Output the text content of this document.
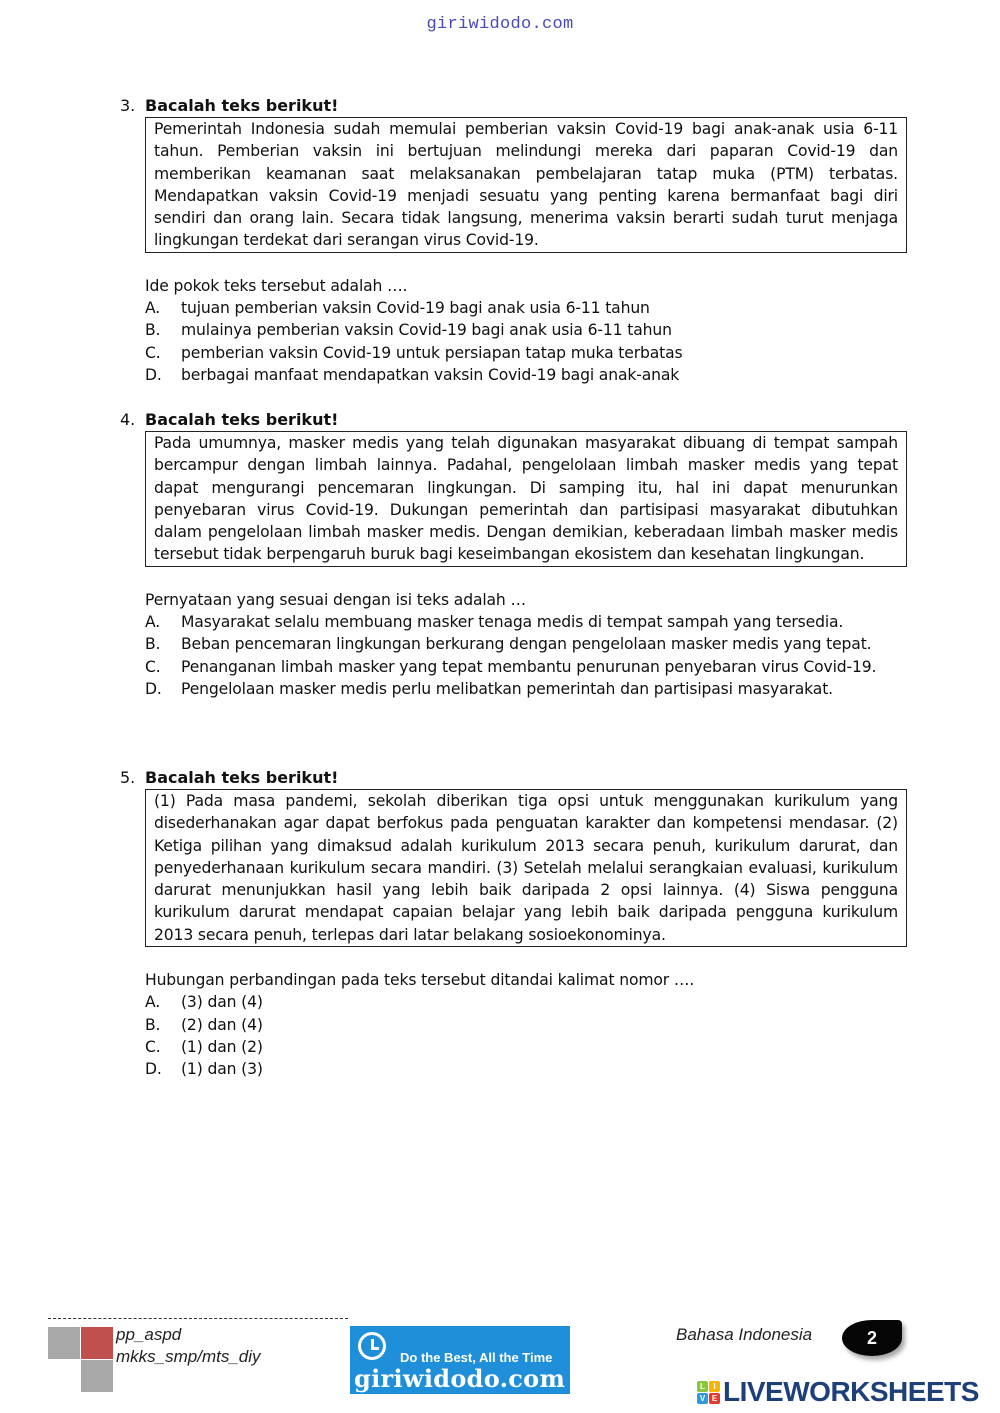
giriwidodo.com
3. Bacalah teks berikut!

Pemerintah Indonesia sudah memulai pemberian vaksin Covid-19 bagi anak-anak usia 6-11 tahun. Pemberian vaksin ini bertujuan melindungi mereka dari paparan Covid-19 dan memberikan keamanan saat melaksanakan pembelajaran tatap muka (PTM) terbatas. Mendapatkan vaksin Covid-19 menjadi sesuatu yang penting karena bermanfaat bagi diri sendiri dan orang lain. Secara tidak langsung, menerima vaksin berarti sudah turut menjaga lingkungan terdekat dari serangan virus Covid-19.

Ide pokok teks tersebut adalah ….
A.	tujuan pemberian vaksin Covid-19 bagi anak usia 6-11 tahun
B.	mulainya pemberian vaksin Covid-19 bagi anak usia 6-11 tahun
C.	pemberian vaksin Covid-19 untuk persiapan tatap muka terbatas
D.	berbagai manfaat mendapatkan vaksin Covid-19 bagi anak-anak
4. Bacalah teks berikut!

Pada umumnya, masker medis yang telah digunakan masyarakat dibuang di tempat sampah bercampur dengan limbah lainnya. Padahal, pengelolaan limbah masker medis yang tepat dapat mengurangi pencemaran lingkungan. Di samping itu, hal ini dapat menurunkan penyebaran virus Covid-19. Dukungan pemerintah dan partisipasi masyarakat dibutuhkan dalam pengelolaan limbah masker medis. Dengan demikian, keberadaan limbah masker medis tersebut tidak berpengaruh buruk bagi keseimbangan ekosistem dan kesehatan lingkungan.

Pernyataan yang sesuai dengan isi teks adalah …
A.	Masyarakat selalu membuang masker tenaga medis di tempat sampah yang tersedia.
B.	Beban pencemaran lingkungan berkurang dengan pengelolaan masker medis yang tepat.
C.	Penanganan limbah masker yang tepat membantu penurunan penyebaran virus Covid-19.
D.	Pengelolaan masker medis perlu melibatkan pemerintah dan partisipasi masyarakat.
5. Bacalah teks berikut!

(1) Pada masa pandemi, sekolah diberikan tiga opsi untuk menggunakan kurikulum yang disederhanakan agar dapat berfokus pada penguatan karakter dan kompetensi mendasar. (2) Ketiga pilihan yang dimaksud adalah kurikulum 2013 secara penuh, kurikulum darurat, dan penyederhanaan kurikulum secara mandiri. (3) Setelah melalui serangkaian evaluasi, kurikulum darurat menunjukkan hasil yang lebih baik daripada 2 opsi lainnya. (4) Siswa pengguna kurikulum darurat mendapat capaian belajar yang lebih baik daripada pengguna kurikulum 2013 secara penuh, terlepas dari latar belakang sosioekonominya.

Hubungan perbandingan pada teks tersebut ditandai kalimat nomor ….
A.	(3) dan (4)
B.	(2) dan (4)
C.	(1) dan (2)
D.	(1) dan (3)
pp_aspd
mkks_smp/mts_diy	Do the Best, All the Time
giriwidodo.com
Bahasa Indonesia	2
L	I
V E LIVEWORKSHEETS
